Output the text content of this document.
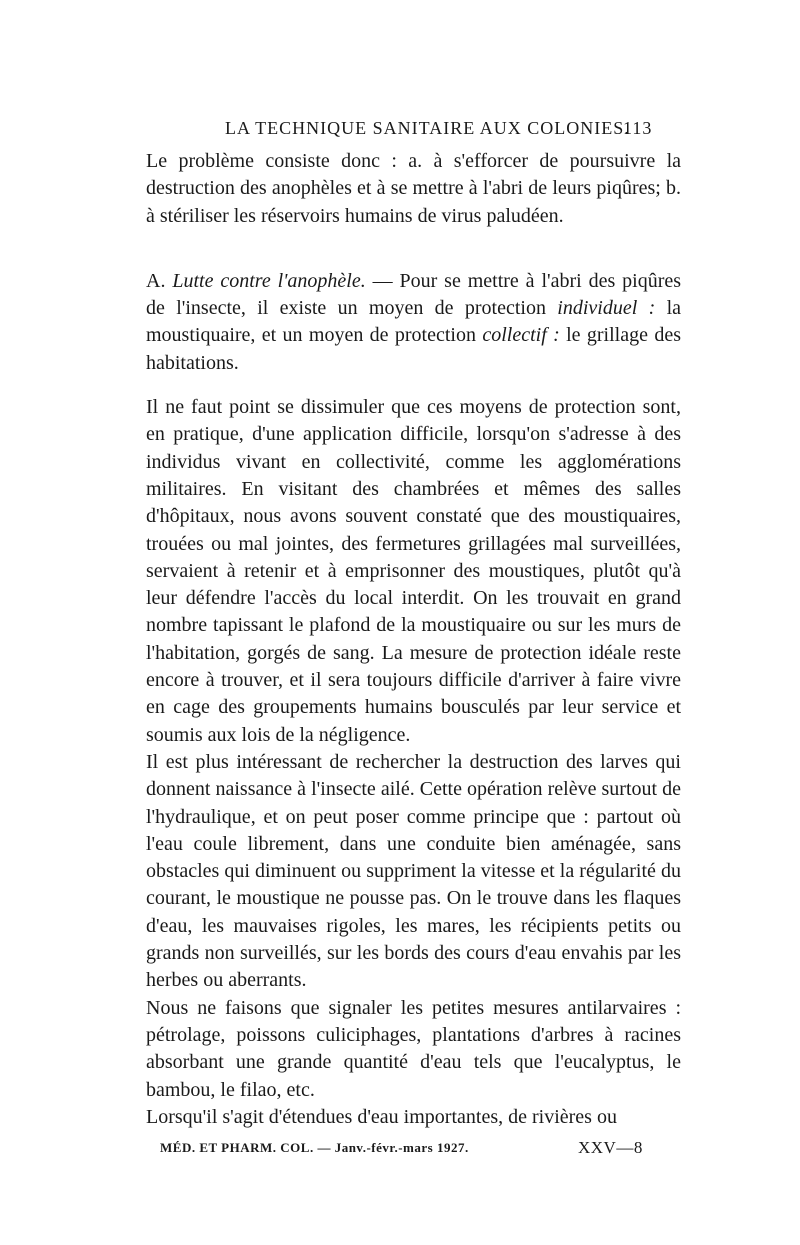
LA TECHNIQUE SANITAIRE AUX COLONIES.
113

Le problème consiste donc : a. à s'efforcer de poursuivre la destruction des anophèles et à se mettre à l'abri de leurs piqûres; b. à stériliser les réservoirs humains de virus paludéen.

A. Lutte contre l'anophèle. — Pour se mettre à l'abri des piqûres de l'insecte, il existe un moyen de protection individuel : la moustiquaire, et un moyen de protection collectif : le grillage des habitations.

Il ne faut point se dissimuler que ces moyens de protection sont, en pratique, d'une application difficile, lorsqu'on s'adresse à des individus vivant en collectivité, comme les agglomérations militaires. En visitant des chambrées et mêmes des salles d'hôpitaux, nous avons souvent constaté que des moustiquaires, trouées ou mal jointes, des fermetures grillagées mal surveillées, servaient à retenir et à emprisonner des moustiques, plutôt qu'à leur défendre l'accès du local interdit. On les trouvait en grand nombre tapissant le plafond de la moustiquaire ou sur les murs de l'habitation, gorgés de sang. La mesure de protection idéale reste encore à trouver, et il sera toujours difficile d'arriver à faire vivre en cage des groupements humains bousculés par leur service et soumis aux lois de la négligence.

Il est plus intéressant de rechercher la destruction des larves qui donnent naissance à l'insecte ailé. Cette opération relève surtout de l'hydraulique, et on peut poser comme principe que : partout où l'eau coule librement, dans une conduite bien aménagée, sans obstacles qui diminuent ou suppriment la vitesse et la régularité du courant, le moustique ne pousse pas. On le trouve dans les flaques d'eau, les mauvaises rigoles, les mares, les récipients petits ou grands non surveillés, sur les bords des cours d'eau envahis par les herbes ou aberrants.

Nous ne faisons que signaler les petites mesures antilarvaires : pétrolage, poissons culiciphages, plantations d'arbres à racines absorbant une grande quantité d'eau tels que l'eucalyptus, le bambou, le filao, etc.

Lorsqu'il s'agit d'étendues d'eau importantes, de rivières ou

MÉD. ET PHARM. COL. — Janv.-févr.-mars 1927.	XXV—8
